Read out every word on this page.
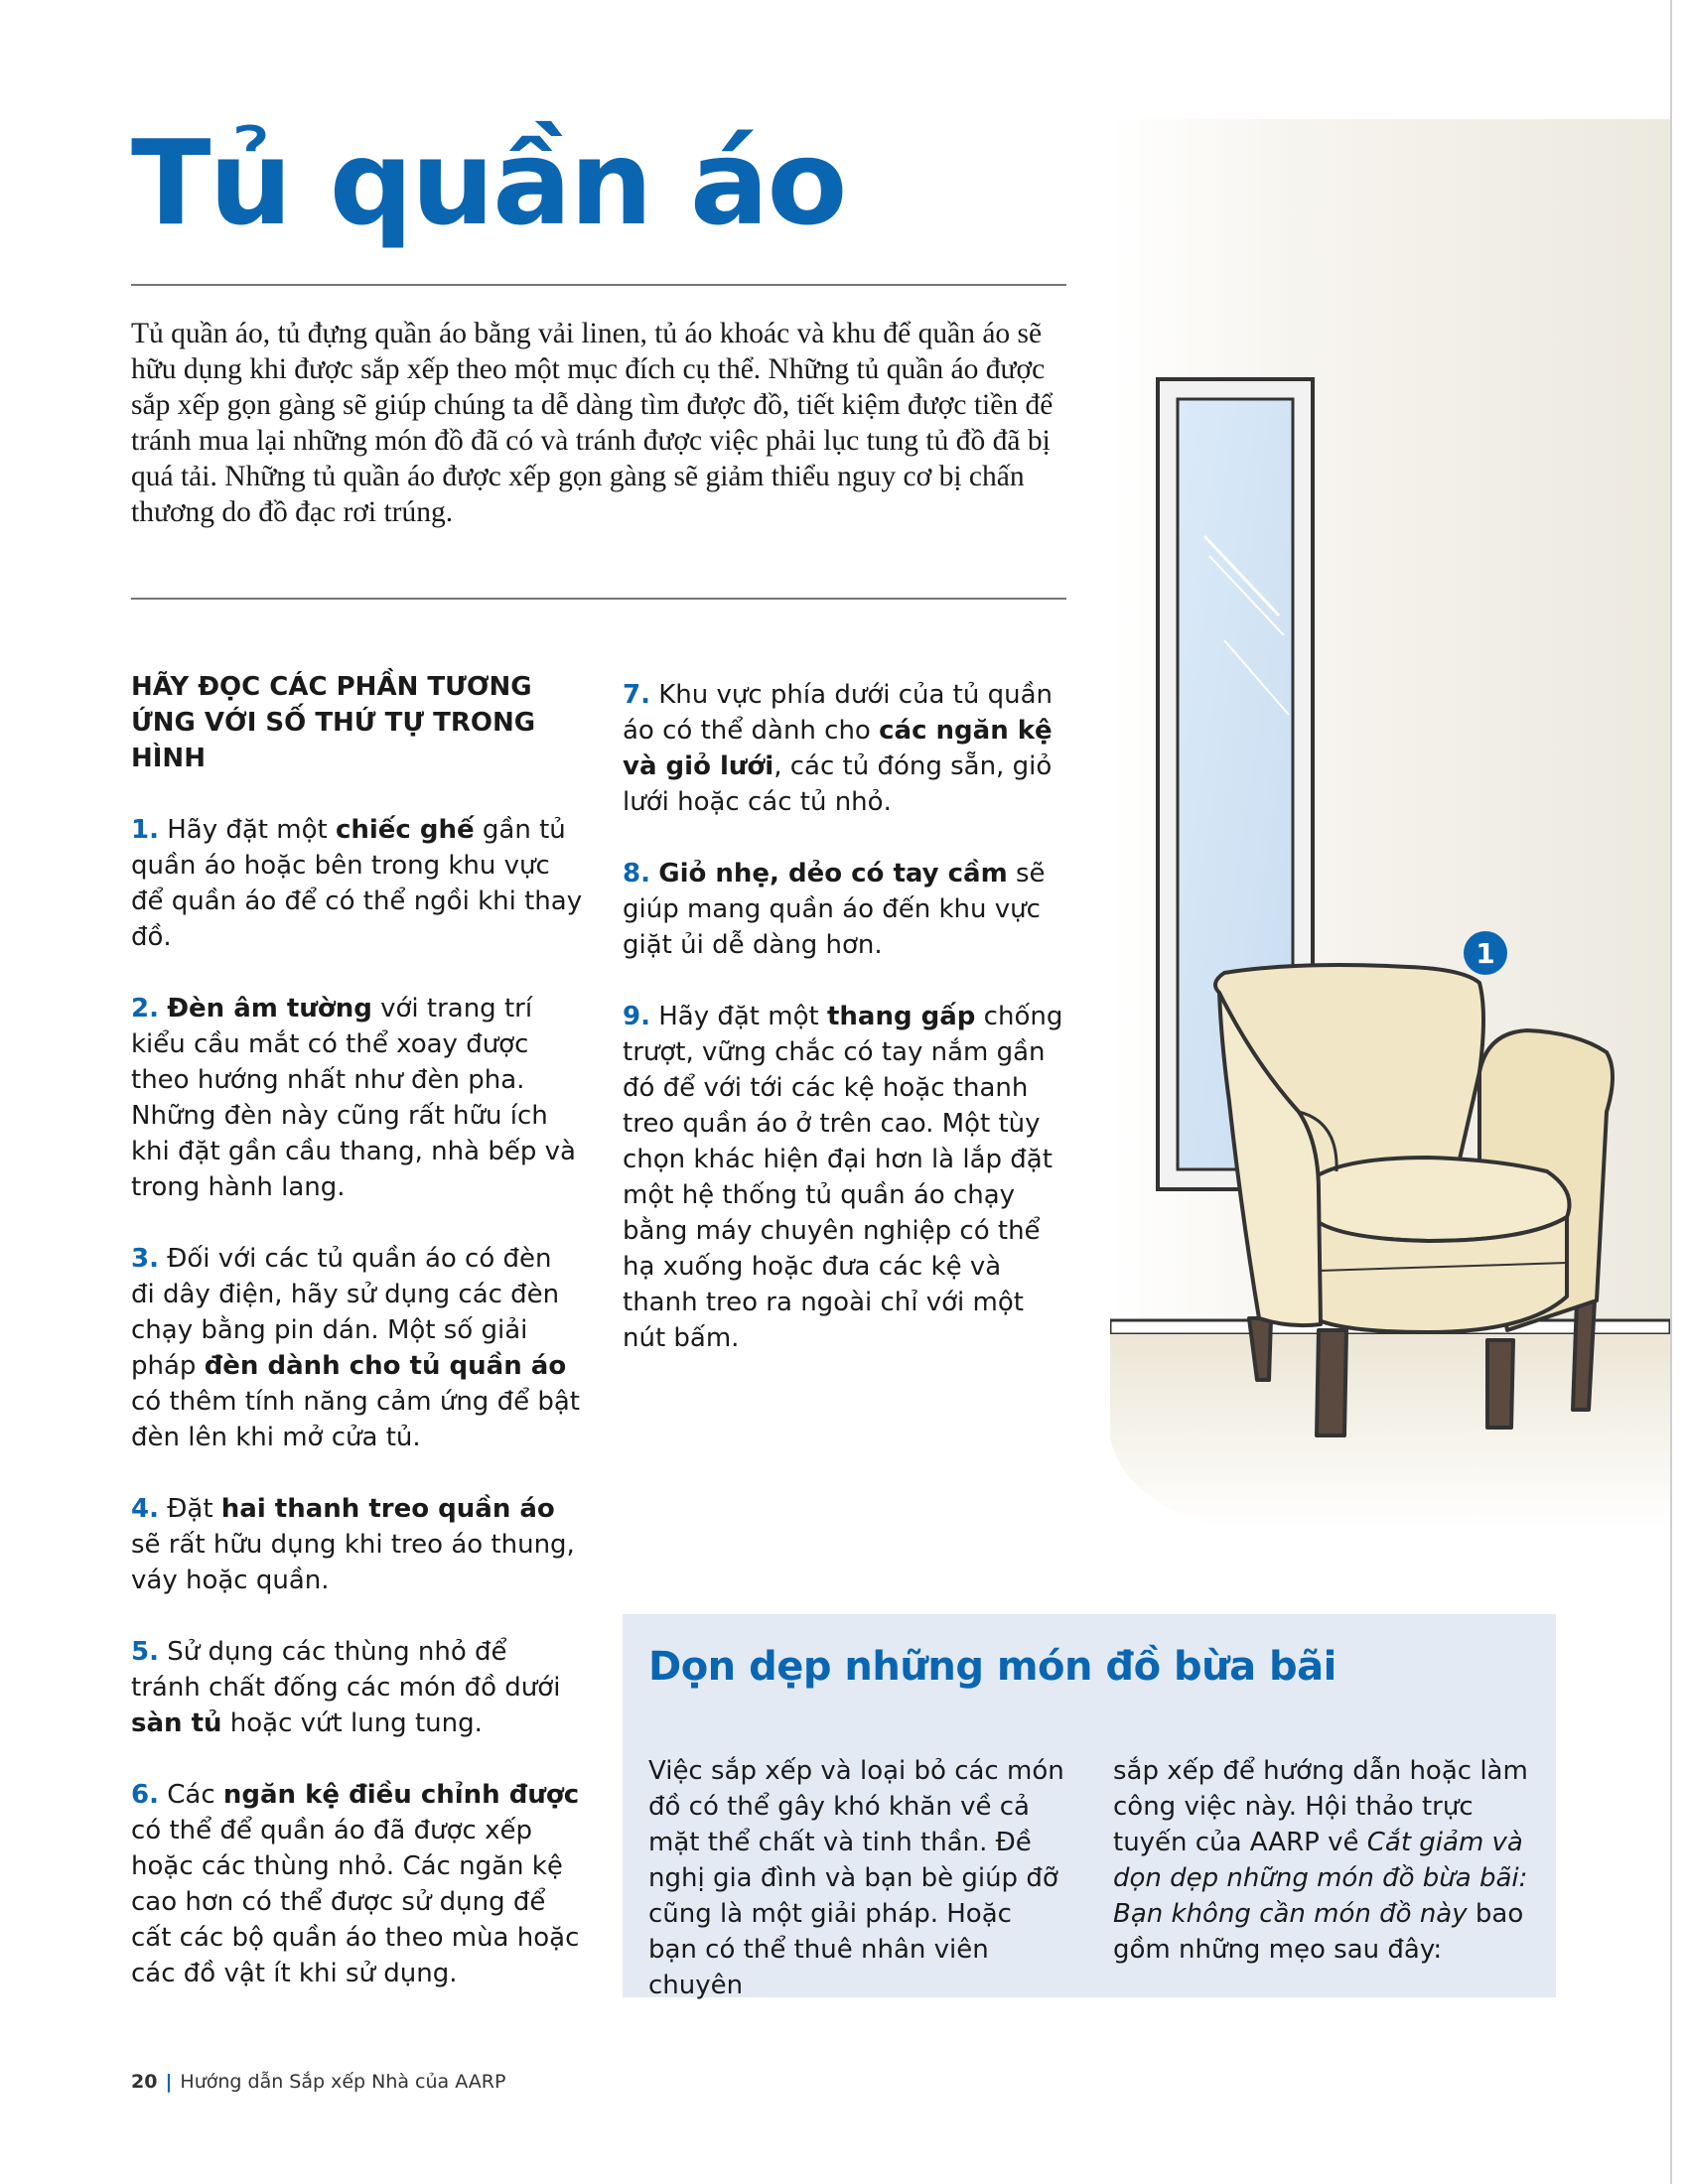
1
Tủ quần áo

Tủ quần áo, tủ đựng quần áo bằng vải linen, tủ áo khoác và khu để quần áo sẽ hữu dụng khi được sắp xếp theo một mục đích cụ thể. Những tủ quần áo được sắp xếp gọn gàng sẽ giúp chúng ta dễ dàng tìm được đồ, tiết kiệm được tiền để tránh mua lại những món đồ đã có và tránh được việc phải lục tung tủ đồ đã bị quá tải. Những tủ quần áo được xếp gọn gàng sẽ giảm thiểu nguy cơ bị chấn thương do đồ đạc rơi trúng.

HÃY ĐỌC CÁC PHẦN TƯƠNG ỨNG VỚI SỐ THỨ TỰ TRONG HÌNH
1. Hãy đặt một chiếc ghế gần tủ quần áo hoặc bên trong khu vực để quần áo để có thể ngồi khi thay đồ.
2. Đèn âm tường với trang trí kiểu cầu mắt có thể xoay được theo hướng nhất như đèn pha. Những đèn này cũng rất hữu ích khi đặt gần cầu thang, nhà bếp và trong hành lang.
3. Đối với các tủ quần áo có đèn đi dây điện, hãy sử dụng các đèn chạy bằng pin dán. Một số giải pháp đèn dành cho tủ quần áo có thêm tính năng cảm ứng để bật đèn lên khi mở cửa tủ.
4. Đặt hai thanh treo quần áo sẽ rất hữu dụng khi treo áo thung, váy hoặc quần.
5. Sử dụng các thùng nhỏ để tránh chất đống các món đồ dưới sàn tủ hoặc vứt lung tung.
6. Các ngăn kệ điều chỉnh được có thể để quần áo đã được xếp hoặc các thùng nhỏ. Các ngăn kệ cao hơn có thể được sử dụng để cất các bộ quần áo theo mùa hoặc các đồ vật ít khi sử dụng.
7. Khu vực phía dưới của tủ quần áo có thể dành cho các ngăn kệ và giỏ lưới, các tủ đóng sẵn, giỏ lưới hoặc các tủ nhỏ.
8. Giỏ nhẹ, dẻo có tay cầm sẽ giúp mang quần áo đến khu vực giặt ủi dễ dàng hơn.
9. Hãy đặt một thang gấp chống trượt, vững chắc có tay nắm gần đó để với tới các kệ hoặc thanh treo quần áo ở trên cao. Một tùy chọn khác hiện đại hơn là lắp đặt một hệ thống tủ quần áo chạy bằng máy chuyên nghiệp có thể hạ xuống hoặc đưa các kệ và thanh treo ra ngoài chỉ với một nút bấm.
Dọn dẹp những món đồ bừa bãi

Việc sắp xếp và loại bỏ các món đồ có thể gây khó khăn về cả mặt thể chất và tinh thần. Đề nghị gia đình và bạn bè giúp đỡ cũng là một giải pháp. Hoặc bạn có thể thuê nhân viên chuyên

sắp xếp để hướng dẫn hoặc làm công việc này. Hội thảo trực tuyến của AARP về Cắt giảm và dọn dẹp những món đồ bừa bãi: Bạn không cần món đồ này bao gồm những mẹo sau đây:

20 | Hướng dẫn Sắp xếp Nhà của AARP
